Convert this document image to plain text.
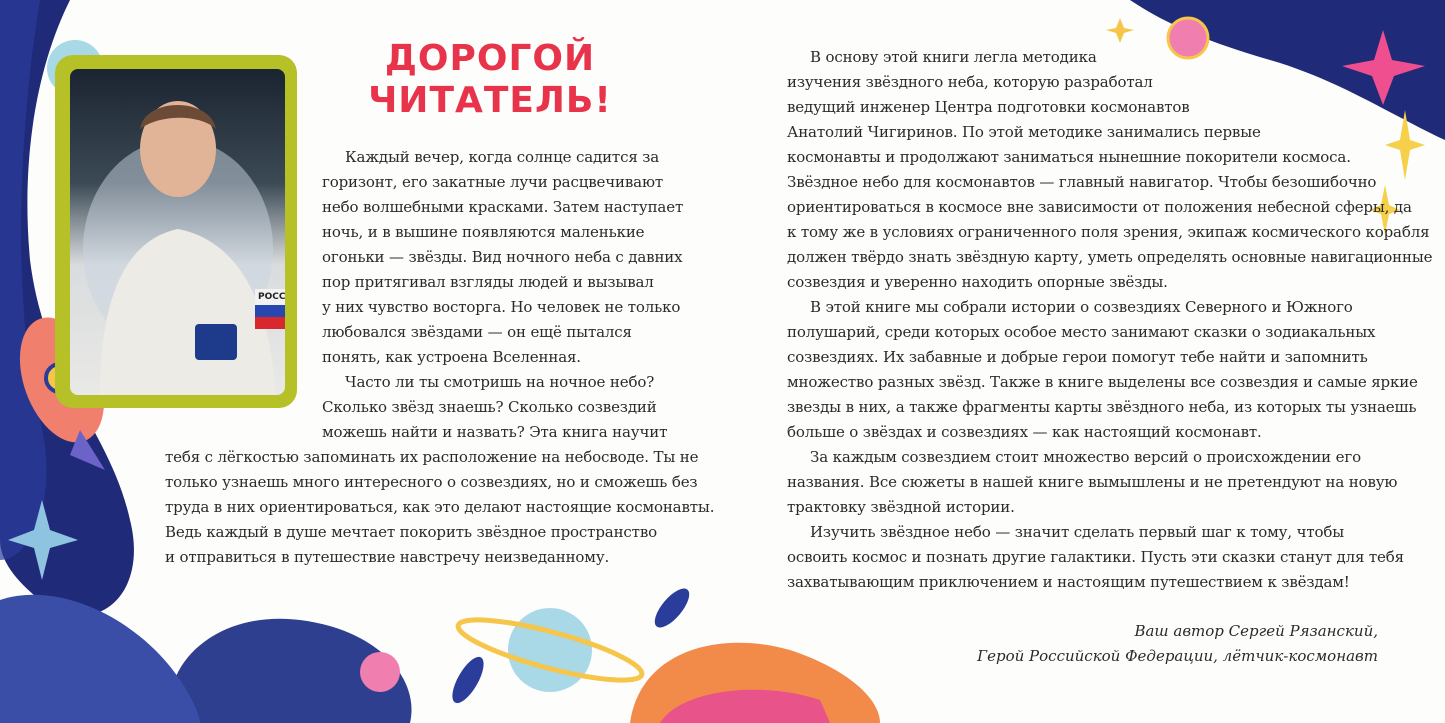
РОСС
ДОРОГОЙ
ЧИТАТЕЛЬ!
Каждый вечер, когда солнце садится за
горизонт, его закатные лучи расцвечивают
небо волшебными красками. Затем наступает
ночь, и в вышине появляются маленькие
огоньки — звёзды. Вид ночного неба с давних
пор притягивал взгляды людей и вызывал
у них чувство восторга. Но человек не только
любовался звёздами — он ещё пытался
понять, как устроена Вселенная.
Часто ли ты смотришь на ночное небо?
Сколько звёзд знаешь? Сколько созвездий
можешь найти и назвать? Эта книга научит
тебя с лёгкостью запоминать их расположение на небосводе. Ты не
только узнаешь много интересного о созвездиях, но и сможешь без
труда в них ориентироваться, как это делают настоящие космонавты.
Ведь каждый в душе мечтает покорить звёздное пространство
и отправиться в путешествие навстречу неизведанному.
В основу этой книги легла методика
изучения звёздного неба, которую разработал
ведущий инженер Центра подготовки космонавтов
Анатолий Чигиринов. По этой методике занимались первые
космонавты и продолжают заниматься нынешние покорители космоса.
Звёздное небо для космонавтов — главный навигатор. Чтобы безошибочно
ориентироваться в космосе вне зависимости от положения небесной сферы, да
к тому же в условиях ограниченного поля зрения, экипаж космического корабля
должен твёрдо знать звёздную карту, уметь определять основные навигационные
созвездия и уверенно находить опорные звёзды.
В этой книге мы собрали истории о созвездиях Северного и Южного
полушарий, среди которых особое место занимают сказки о зодиакальных
созвездиях. Их забавные и добрые герои помогут тебе найти и запомнить
множество разных звёзд. Также в книге выделены все созвездия и самые яркие
звезды в них, а также фрагменты карты звёздного неба, из которых ты узнаешь
больше о звёздах и созвездиях — как настоящий космонавт.
За каждым созвездием стоит множество версий о происхождении его
названия. Все сюжеты в нашей книге вымышлены и не претендуют на новую
трактовку звёздной истории.
Изучить звёздное небо — значит сделать первый шаг к тому, чтобы
освоить космос и познать другие галактики. Пусть эти сказки станут для тебя
захватывающим приключением и настоящим путешествием к звёздам!
Ваш автор Сергей Рязанский,
Герой Российской Федерации, лётчик-космонавт
